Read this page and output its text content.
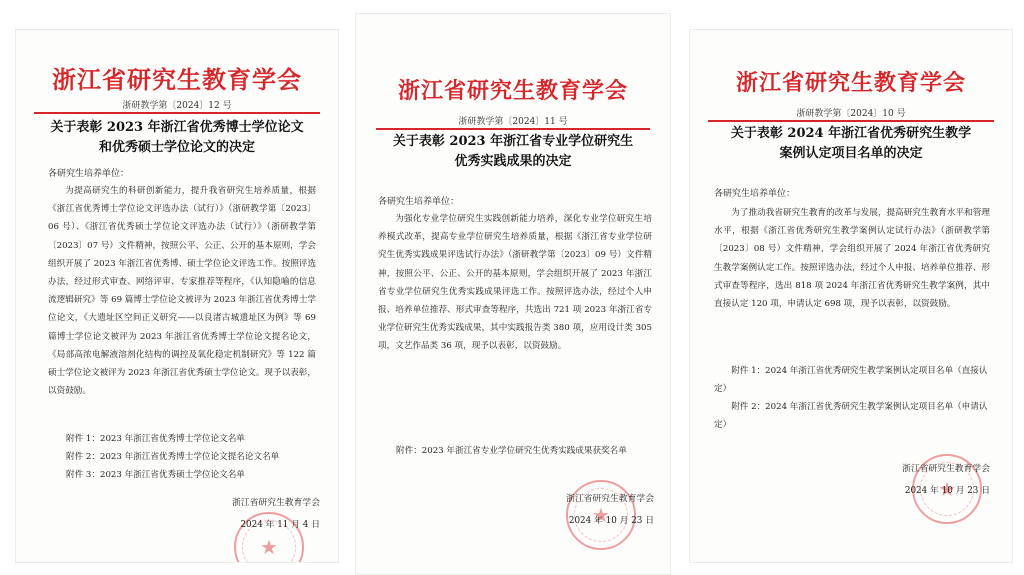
浙江省研究生教育学会
浙研教学第〔2024〕12 号
关于表彰 2023 年浙江省优秀博士学位论文
和优秀硕士学位论文的决定
各研究生培养单位：

为提高研究生的科研创新能力，提升我省研究生培养质量，根据《浙江省优秀博士学位论文评选办法（试行）》（浙研教学第〔2023〕06 号）、《浙江省优秀硕士学位论文评选办法（试行）》（浙研教学第〔2023〕07 号）文件精神，按照公平、公正、公开的基本原则，学会组织开展了 2023 年浙江省优秀博、硕士学位论文评选工作。按照评选办法，经过形式审查、网络评审、专家推荐等程序，《认知隐喻的信息流逻辑研究》等 69 篇博士学位论文被评为 2023 年浙江省优秀博士学位论文，《大遗址区空间正义研究——以良渚古城遗址区为例》等 69 篇博士学位论文被评为 2023 年浙江省优秀博士学位论文提名论文，《局部高浓电解液溶剂化结构的调控及氧化稳定机制研究》等 122 篇硕士学位论文被评为 2023 年浙江省优秀硕士学位论文。现予以表彰，以资鼓励。

附件 1：2023 年浙江省优秀博士学位论文名单
附件 2：2023 年浙江省优秀博士学位论文提名论文名单
附件 3：2023 年浙江省优秀硕士学位论文名单
★
浙江省研究生教育学会
2024 年 11 月 4 日
浙江省研究生教育学会
浙研教学第〔2024〕11 号
关于表彰 2023 年浙江省专业学位研究生
优秀实践成果的决定
各研究生培养单位：

为强化专业学位研究生实践创新能力培养，深化专业学位研究生培养模式改革，提高专业学位研究生培养质量，根据《浙江省专业学位研究生优秀实践成果评选试行办法》（浙研教学第〔2023〕09 号）文件精神，按照公平、公正、公开的基本原则，学会组织开展了 2023 年浙江省专业学位研究生优秀实践成果评选工作。按照评选办法，经过个人申报、培养单位推荐、形式审查等程序，共选出 721 项 2023 年浙江省专业学位研究生优秀实践成果，其中实践报告类 380 项，应用设计类 305 项，文艺作品类 36 项，现予以表彰，以资鼓励。

附件：2023 年浙江省专业学位研究生优秀实践成果获奖名单
★
浙江省研究生教育学会
2024 年 10 月 23 日
浙江省研究生教育学会
浙研教学第〔2024〕10 号
关于表彰 2024 年浙江省优秀研究生教学
案例认定项目名单的决定
各研究生培养单位：

为了推动我省研究生教育的改革与发展，提高研究生教育水平和管理水平，根据《浙江省优秀研究生教学案例认定试行办法》（浙研教学第〔2023〕08 号）文件精神，学会组织开展了 2024 年浙江省优秀研究生教学案例认定工作。按照评选办法，经过个人申报、培养单位推荐、形式审查等程序，选出 818 项 2024 年浙江省优秀研究生教学案例，其中直接认定 120 项，申请认定 698 项，现予以表彰，以资鼓励。

附件 1：2024 年浙江省优秀研究生教学案例认定项目名单（直接认定）
附件 2：2024 年浙江省优秀研究生教学案例认定项目名单（申请认定）
★
浙江省研究生教育学会
2024 年 10 月 23 日
